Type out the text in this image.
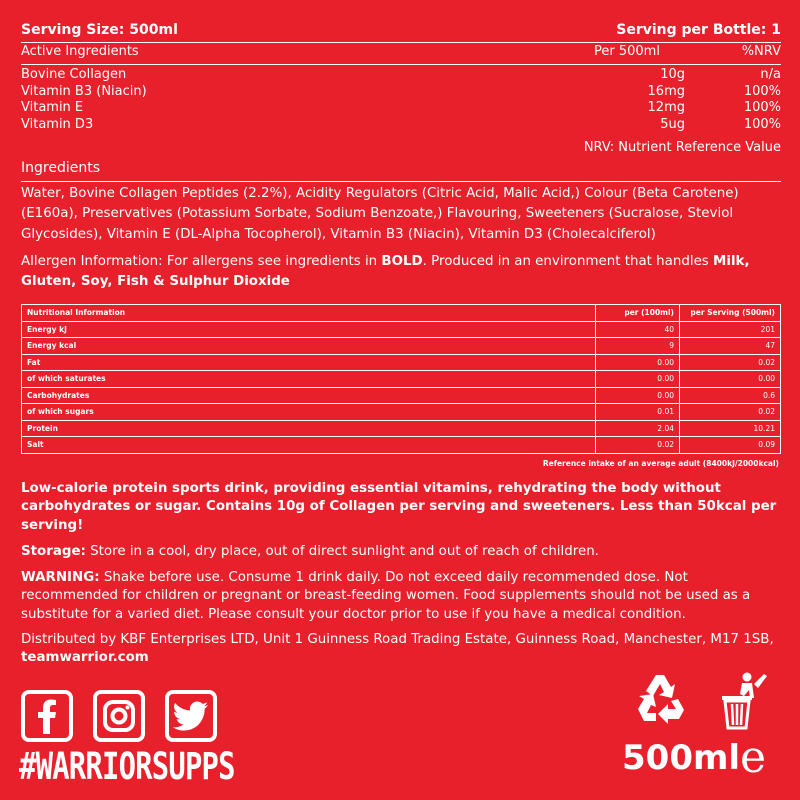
Serving Size: 500ml	Serving per Bottle: 1
Active Ingredients	Per 500ml	%NRV
Bovine Collagen	10g	n/a
Vitamin B3 (Niacin)	16mg	100%
Vitamin E	12mg	100%
Vitamin D3	5ug	100%
NRV: Nutrient Reference Value
Ingredients
Water, Bovine Collagen Peptides (2.2%), Acidity Regulators (Citric Acid, Malic Acid,) Colour (Beta Carotene) (E160a), Preservatives (Potassium Sorbate, Sodium Benzoate,) Flavouring, Sweeteners (Sucralose, Steviol Glycosides), Vitamin E (DL-Alpha Tocopherol), Vitamin B3 (Niacin), Vitamin D3 (Cholecalciferol)
Allergen Information: For allergens see ingredients in BOLD. Produced in an environment that handles Milk, Gluten, Soy, Fish & Sulphur Dioxide
Nutritional Information	per (100ml)	per Serving (500ml)
Energy kJ	40	201
Energy kcal	9	47
Fat	0.00	0.02
of which saturates	0.00	0.00
Carbohydrates	0.00	0.6
of which sugars	0.01	0.02
Protein	2.04	10.21
Salt	0.02	0.09
Reference intake of an average adult (8400kJ/2000kcal)
Low-calorie protein sports drink, providing essential vitamins, rehydrating the body without carbohydrates or sugar. Contains 10g of Collagen per serving and sweeteners. Less than 50kcal per serving!
Storage: Store in a cool, dry place, out of direct sunlight and out of reach of children.
WARNING: Shake before use. Consume 1 drink daily. Do not exceed daily recommended dose. Not recommended for children or pregnant or breast-feeding women. Food supplements should not be used as a substitute for a varied diet. Please consult your doctor prior to use if you have a medical condition.
Distributed by KBF Enterprises LTD, Unit 1 Guinness Road Trading Estate, Guinness Road, Manchester, M17 1SB,
teamwarrior.com
#WARRIORSUPPS	500ml e
